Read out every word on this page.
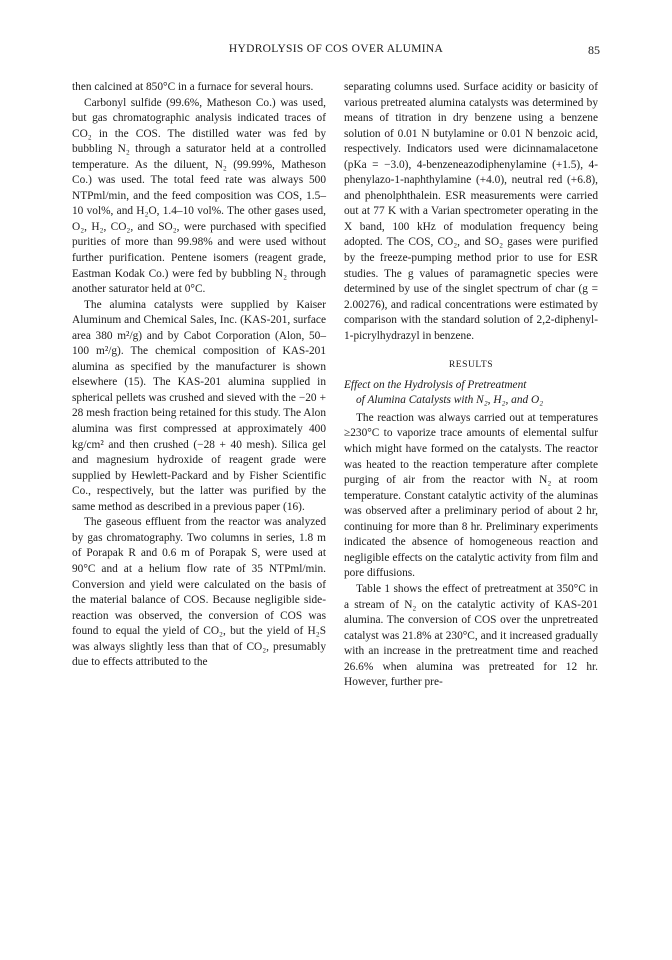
HYDROLYSIS OF COS OVER ALUMINA	85

then calcined at 850°C in a furnace for several hours.

Carbonyl sulfide (99.6%, Matheson Co.) was used, but gas chromatographic analysis indicated traces of CO₂ in the COS. The distilled water was fed by bubbling N₂ through a saturator held at a controlled temperature. As the diluent, N₂ (99.99%, Matheson Co.) was used. The total feed rate was always 500 NTPml/min, and the feed composition was COS, 1.5–10 vol%, and H₂O, 1.4–10 vol%. The other gases used, O₂, H₂, CO₂, and SO₂, were purchased with specified purities of more than 99.98% and were used without further purification. Pentene isomers (reagent grade, Eastman Kodak Co.) were fed by bubbling N₂ through another saturator held at 0°C.

The alumina catalysts were supplied by Kaiser Aluminum and Chemical Sales, Inc. (KAS-201, surface area 380 m²/g) and by Cabot Corporation (Alon, 50–100 m²/g). The chemical composition of KAS-201 alumina as specified by the manufacturer is shown elsewhere (15). The KAS-201 alumina supplied in spherical pellets was crushed and sieved with the −20 + 28 mesh fraction being retained for this study. The Alon alumina was first compressed at approximately 400 kg/cm² and then crushed (−28 + 40 mesh). Silica gel and magnesium hydroxide of reagent grade were supplied by Hewlett-Packard and by Fisher Scientific Co., respectively, but the latter was purified by the same method as described in a previous paper (16).

The gaseous effluent from the reactor was analyzed by gas chromatography. Two columns in series, 1.8 m of Porapak R and 0.6 m of Porapak S, were used at 90°C and at a helium flow rate of 35 NTPml/min. Conversion and yield were calculated on the basis of the material balance of COS. Because negligible side-reaction was observed, the conversion of COS was found to equal the yield of CO₂, but the yield of H₂S was always slightly less than that of CO₂, presumably due to effects attributed to the

separating columns used. Surface acidity or basicity of various pretreated alumina catalysts was determined by means of titration in dry benzene using a benzene solution of 0.01 N butylamine or 0.01 N benzoic acid, respectively. Indicators used were dicinnamalacetone (pKa = −3.0), 4-benzeneazodiphenylamine (+1.5), 4-phenylazo-1-naphthylamine (+4.0), neutral red (+6.8), and phenolphthalein. ESR measurements were carried out at 77 K with a Varian spectrometer operating in the X band, 100 kHz of modulation frequency being adopted. The COS, CO₂, and SO₂ gases were purified by the freeze-pumping method prior to use for ESR studies. The g values of paramagnetic species were determined by use of the singlet spectrum of char (g = 2.00276), and radical concentrations were estimated by comparison with the standard solution of 2,2-diphenyl-1-picrylhydrazyl in benzene.

RESULTS
Effect on the Hydrolysis of Pretreatment
of Alumina Catalysts with N₂, H₂, and O₂

The reaction was always carried out at temperatures ≥230°C to vaporize trace amounts of elemental sulfur which might have formed on the catalysts. The reactor was heated to the reaction temperature after complete purging of air from the reactor with N₂ at room temperature. Constant catalytic activity of the aluminas was observed after a preliminary period of about 2 hr, continuing for more than 8 hr. Preliminary experiments indicated the absence of homogeneous reaction and negligible effects on the catalytic activity from film and pore diffusions.

Table 1 shows the effect of pretreatment at 350°C in a stream of N₂ on the catalytic activity of KAS-201 alumina. The conversion of COS over the unpretreated catalyst was 21.8% at 230°C, and it increased gradually with an increase in the pretreatment time and reached 26.6% when alumina was pretreated for 12 hr. However, further pre-
